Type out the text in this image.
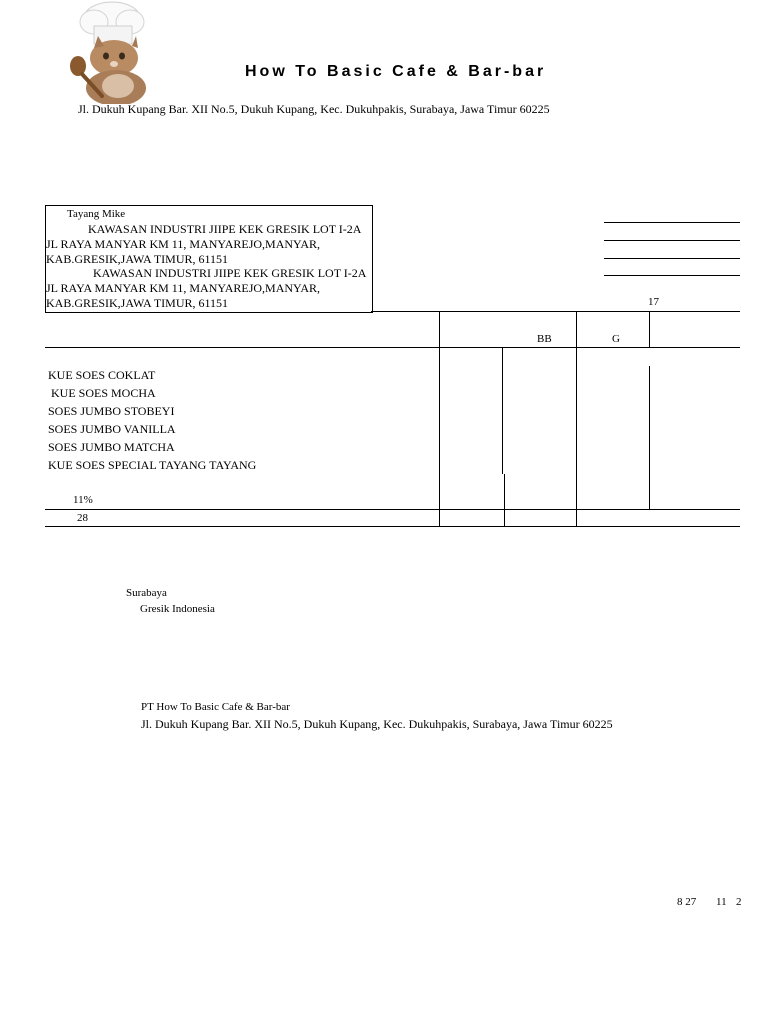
How To Basic Cafe & Bar-bar
Jl. Dukuh Kupang Bar. XII No.5, Dukuh Kupang, Kec. Dukuhpakis, Surabaya, Jawa Timur 60225
Tayang Mike
KAWASAN INDUSTRI JIIPE KEK GRESIK LOT I-2A
JL RAYA MANYAR KM 11, MANYAREJO,MANYAR,
KAB.GRESIK,JAWA TIMUR, 61151
KAWASAN INDUSTRI JIIPE KEK GRESIK LOT I-2A
JL RAYA MANYAR KM 11, MANYAREJO,MANYAR,
KAB.GRESIK,JAWA TIMUR, 61151	17
BB	G
KUE SOES COKLAT
KUE SOES MOCHA
SOES JUMBO STOBEYI
SOES JUMBO VANILLA
SOES JUMBO MATCHA
KUE SOES SPECIAL TAYANG TAYANG
11%
28
Surabaya
Gresik Indonesia
PT How To Basic Cafe & Bar-bar
Jl. Dukuh Kupang Bar. XII No.5, Dukuh Kupang, Kec. Dukuhpakis, Surabaya, Jawa Timur 60225
8 27 11 2
